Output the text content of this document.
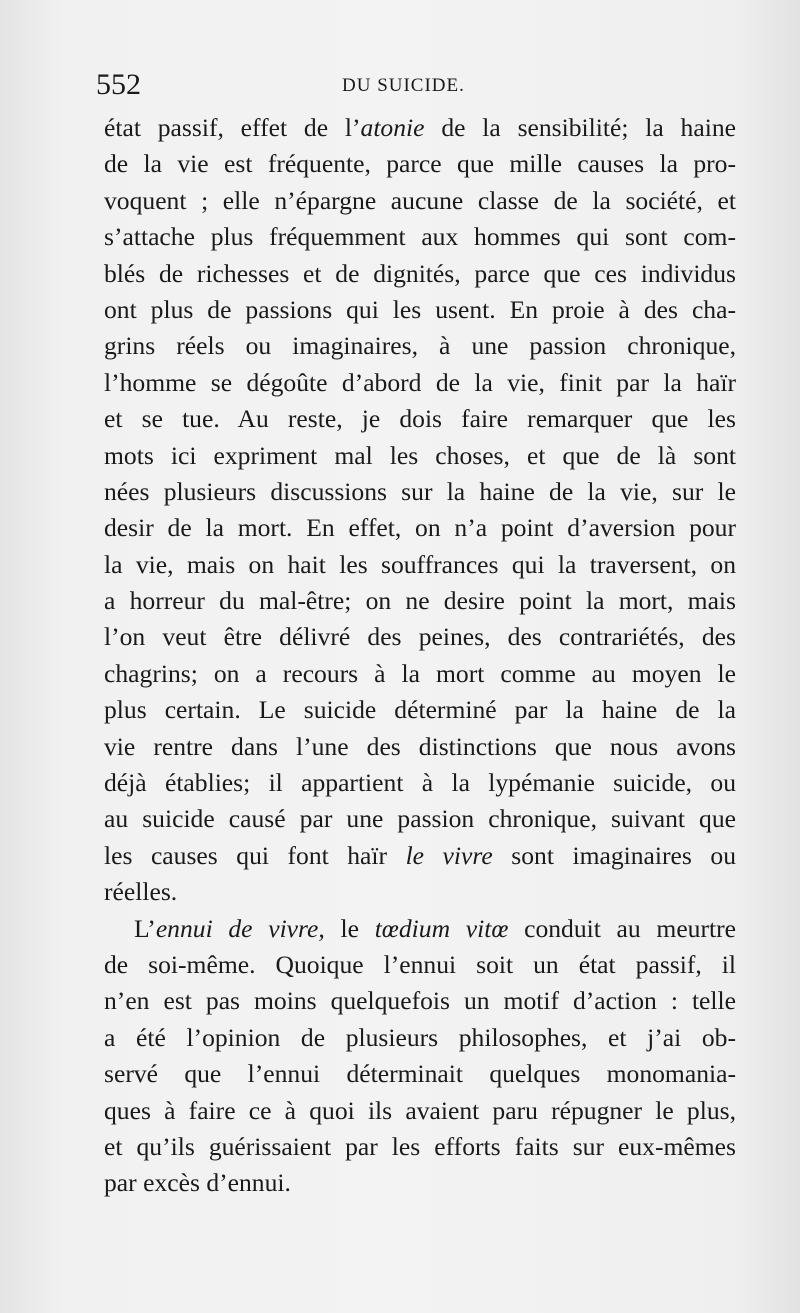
552	DU SUICIDE.
état passif, effet de l’atonie de la sensibilité; la haine
de la vie est fréquente, parce que mille causes la pro-
voquent ; elle n’épargne aucune classe de la société, et
s’attache plus fréquemment aux hommes qui sont com-
blés de richesses et de dignités, parce que ces individus
ont plus de passions qui les usent. En proie à des cha-
grins réels ou imaginaires, à une passion chronique,
l’homme se dégoûte d’abord de la vie, finit par la haïr
et se tue. Au reste, je dois faire remarquer que les
mots ici expriment mal les choses, et que de là sont
nées plusieurs discussions sur la haine de la vie, sur le
desir de la mort. En effet, on n’a point d’aversion pour
la vie, mais on hait les souffrances qui la traversent, on
a horreur du mal-être; on ne desire point la mort, mais
l’on veut être délivré des peines, des contrariétés, des
chagrins; on a recours à la mort comme au moyen le
plus certain. Le suicide déterminé par la haine de la
vie rentre dans l’une des distinctions que nous avons
déjà établies; il appartient à la lypémanie suicide, ou
au suicide causé par une passion chronique, suivant que
les causes qui font haïr le vivre sont imaginaires ou
réelles.
L’ennui de vivre, le tœdium vitœ conduit au meurtre
de soi-même. Quoique l’ennui soit un état passif, il
n’en est pas moins quelquefois un motif d’action : telle
a été l’opinion de plusieurs philosophes, et j’ai ob-
servé que l’ennui déterminait quelques monomania-
ques à faire ce à quoi ils avaient paru répugner le plus,
et qu’ils guérissaient par les efforts faits sur eux-mêmes
par excès d’ennui.
